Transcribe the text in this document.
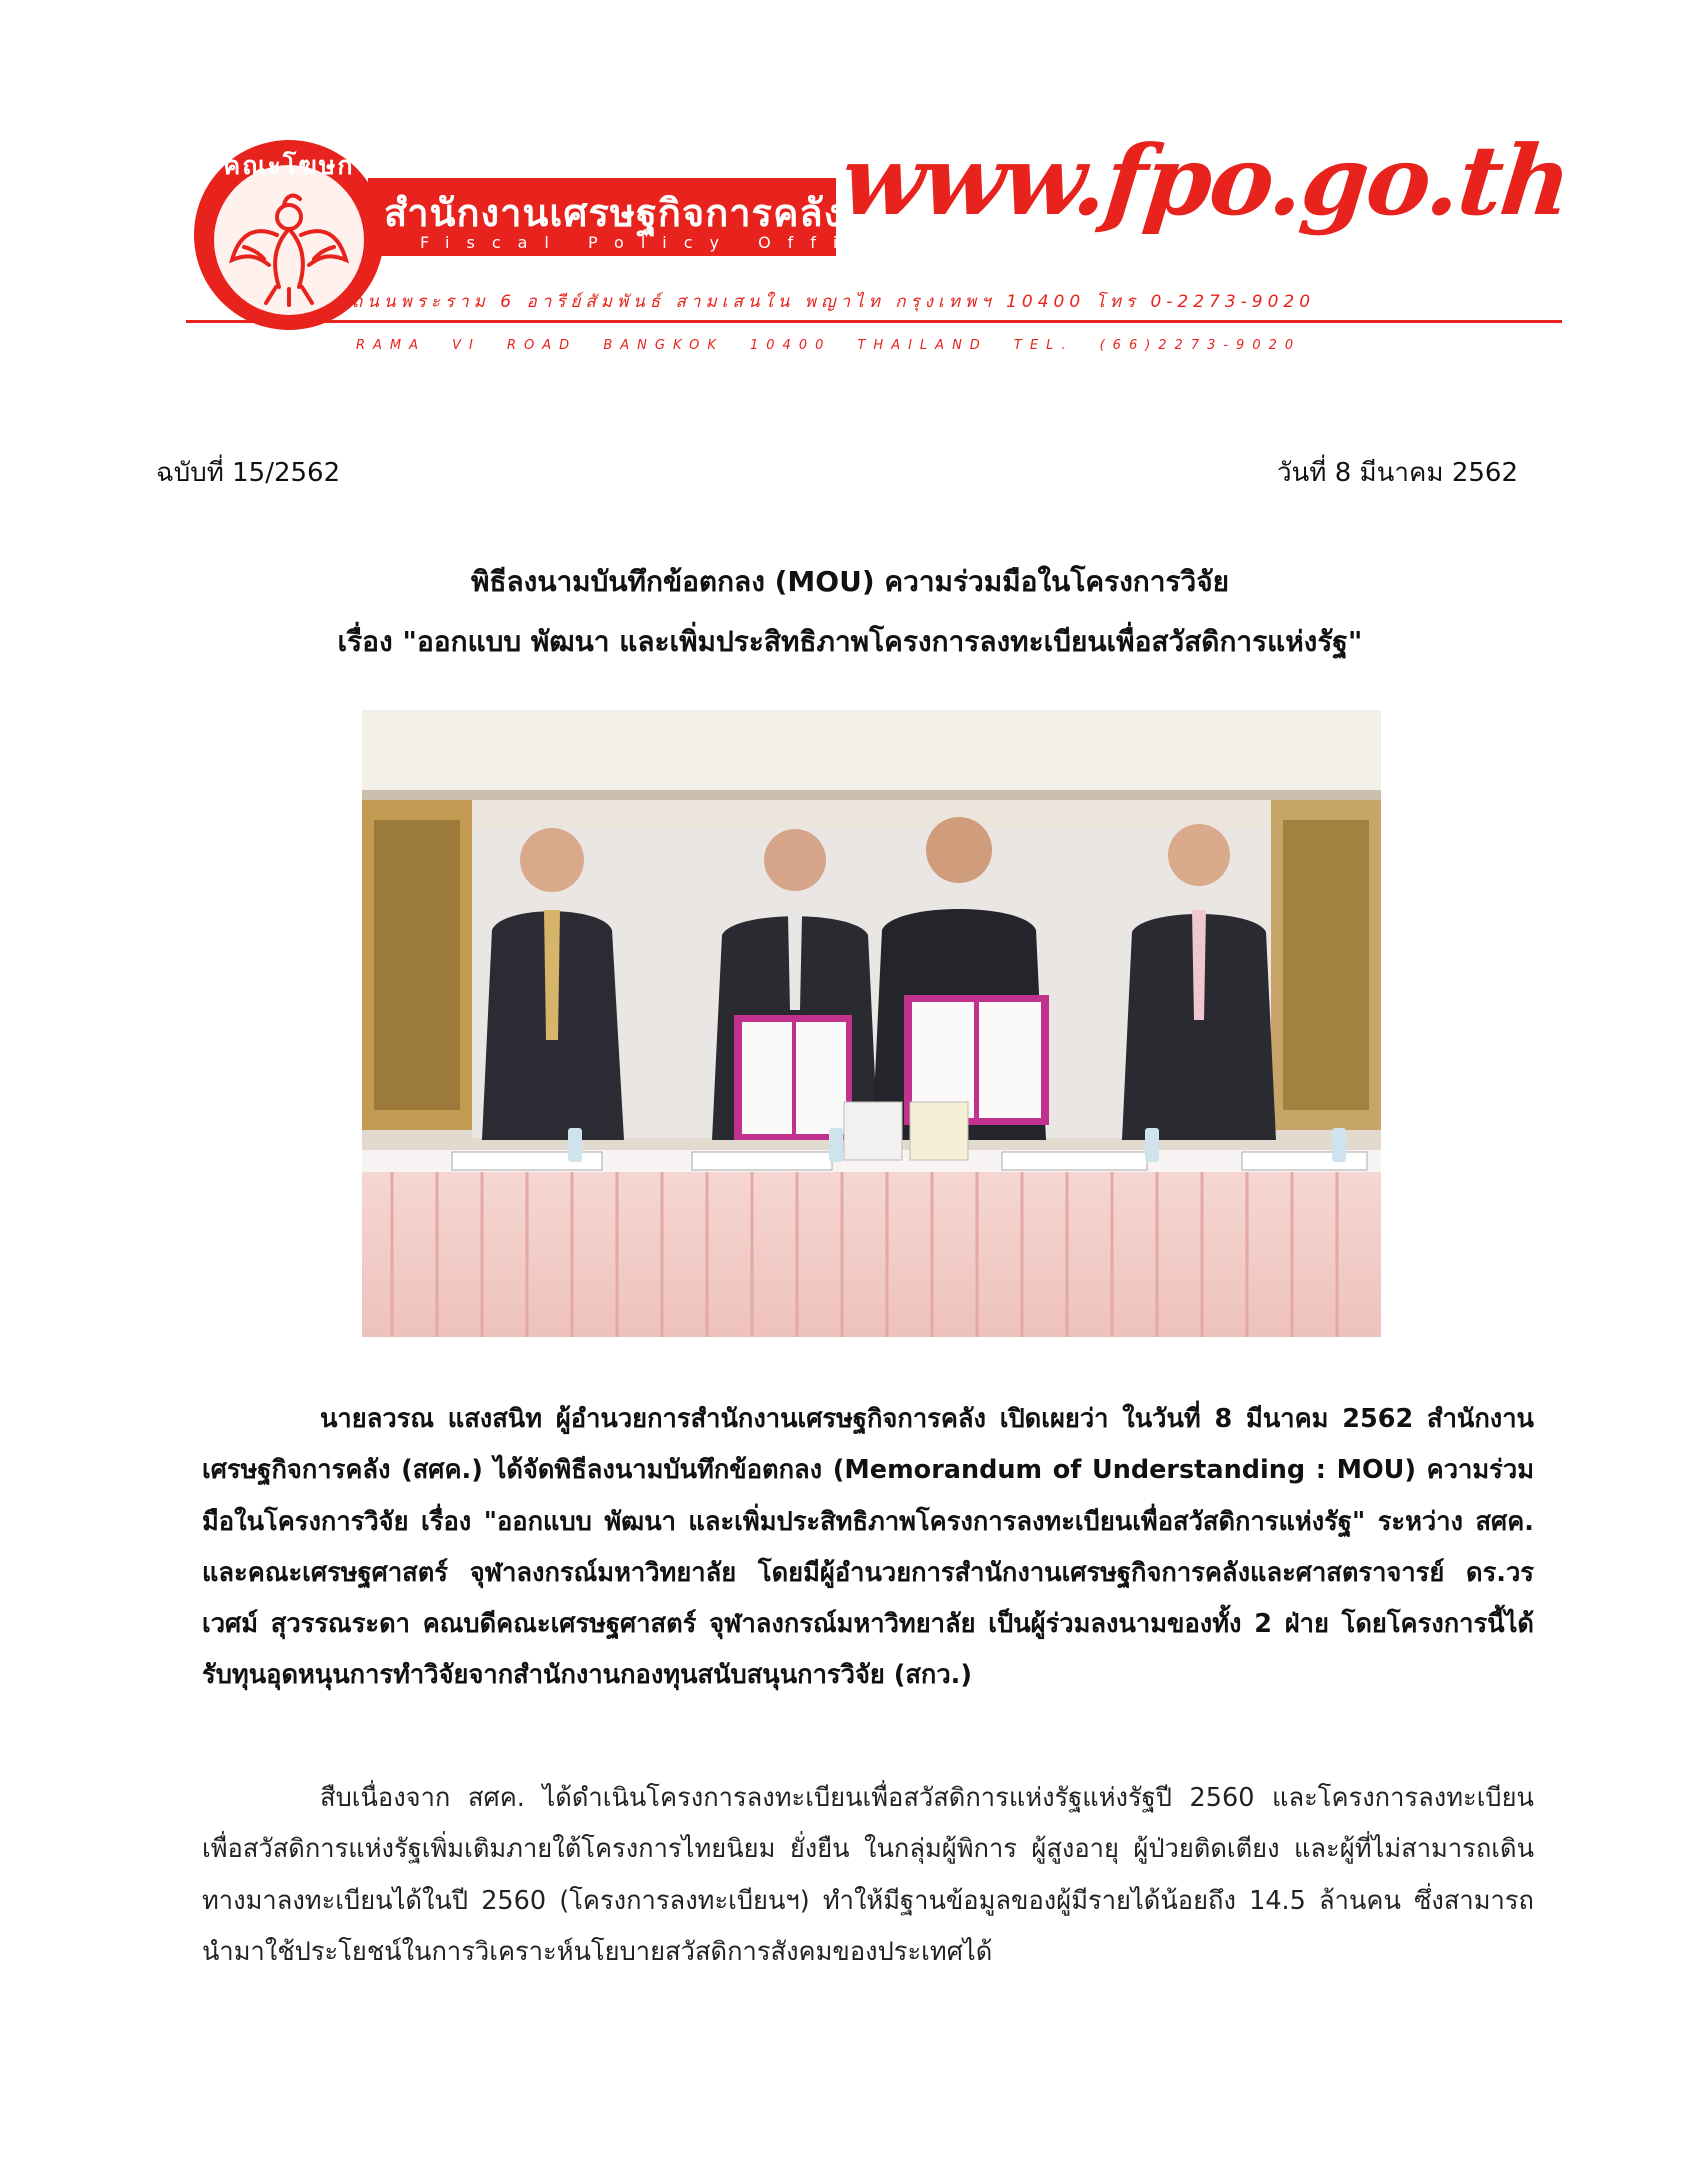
คณะโฆษก
สำนักงานเศรษฐกิจการคลัง
Fiscal Policy Office
www.fpo.go.th
ถนนพระราม 6 อารีย์สัมพันธ์ สามเสนใน พญาไท กรุงเทพฯ 10400 โทร 0-2273-9020
RAMA VI ROAD BANGKOK 10400 THAILAND TEL. (66)2273-9020
ฉบับที่ 15/2562	วันที่ 8 มีนาคม 2562
พิธีลงนามบันทึกข้อตกลง (MOU) ความร่วมมือในโครงการวิจัย
เรื่อง "ออกแบบ พัฒนา และเพิ่มประสิทธิภาพโครงการลงทะเบียนเพื่อสวัสดิการแห่งรัฐ"
นายลวรณ แสงสนิท ผู้อำนวยการสำนักงานเศรษฐกิจการคลัง เปิดเผยว่า ในวันที่ 8 มีนาคม 2562 สำนักงานเศรษฐกิจการคลัง (สศค.) ได้จัดพิธีลงนามบันทึกข้อตกลง (Memorandum of Understanding : MOU) ความร่วมมือในโครงการวิจัย เรื่อง "ออกแบบ พัฒนา และเพิ่มประสิทธิภาพโครงการลงทะเบียนเพื่อสวัสดิการแห่งรัฐ" ระหว่าง สศค. และคณะเศรษฐศาสตร์ จุฬาลงกรณ์มหาวิทยาลัย โดยมีผู้อำนวยการสำนักงานเศรษฐกิจการคลังและศาสตราจารย์ ดร.วรเวศม์ สุวรรณระดา คณบดีคณะเศรษฐศาสตร์ จุฬาลงกรณ์มหาวิทยาลัย เป็นผู้ร่วมลงนามของทั้ง 2 ฝ่าย โดยโครงการนี้ได้รับทุนอุดหนุนการทำวิจัยจากสำนักงานกองทุนสนับสนุนการวิจัย (สกว.)
สืบเนื่องจาก สศค. ได้ดำเนินโครงการลงทะเบียนเพื่อสวัสดิการแห่งรัฐแห่งรัฐปี 2560 และโครงการลงทะเบียนเพื่อสวัสดิการแห่งรัฐเพิ่มเติมภายใต้โครงการไทยนิยม ยั่งยืน ในกลุ่มผู้พิการ ผู้สูงอายุ ผู้ป่วยติดเตียง และผู้ที่ไม่สามารถเดินทางมาลงทะเบียนได้ในปี 2560 (โครงการลงทะเบียนฯ) ทำให้มีฐานข้อมูลของผู้มีรายได้น้อยถึง 14.5 ล้านคน ซึ่งสามารถนำมาใช้ประโยชน์ในการวิเคราะห์นโยบายสวัสดิการสังคมของประเทศได้
